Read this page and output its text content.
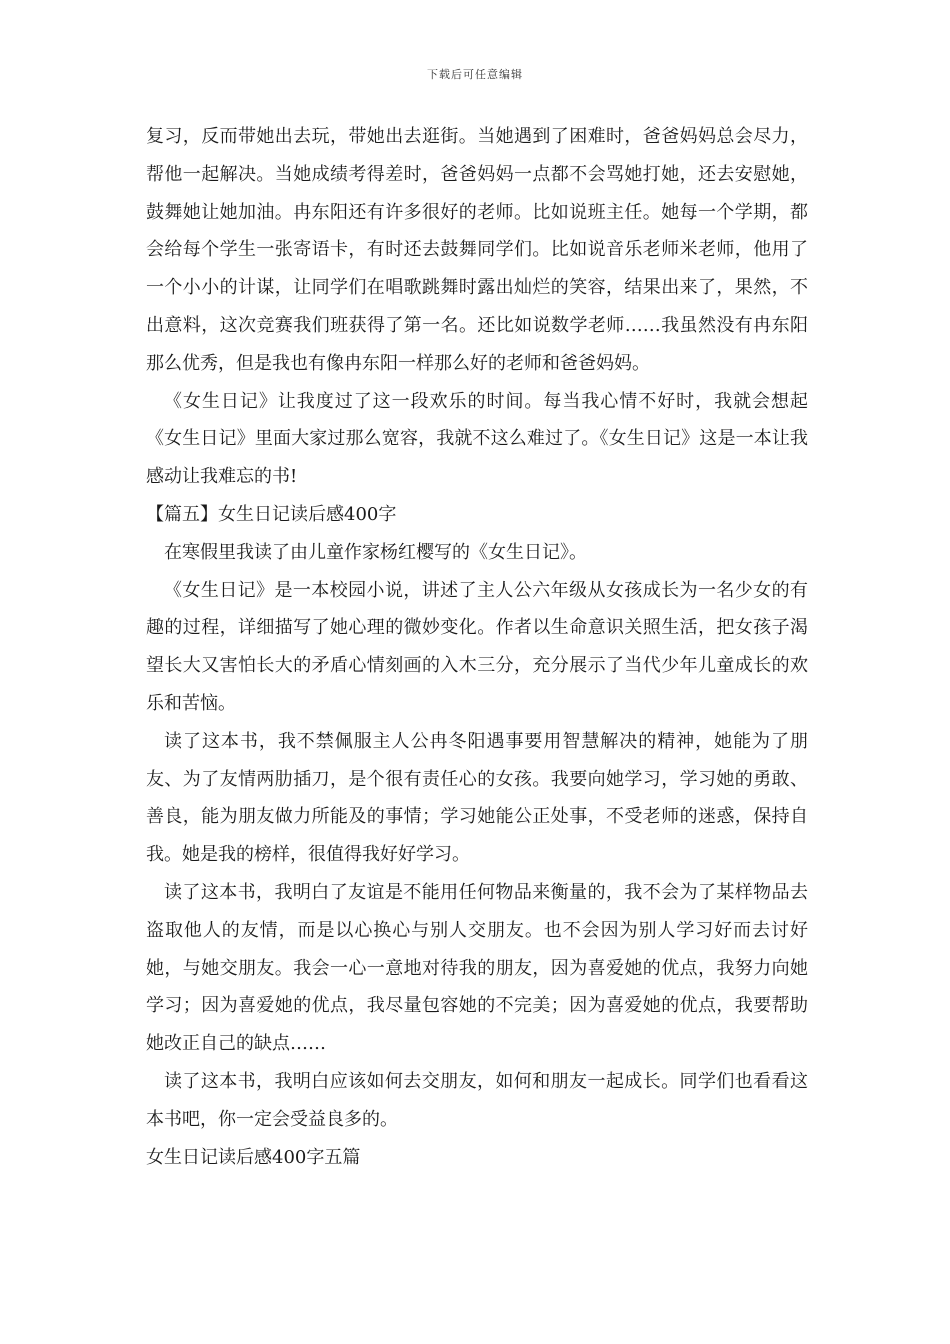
下载后可任意编辑

复习，反而带她出去玩，带她出去逛街。当她遇到了困难时，爸爸妈妈总会尽力，帮他一起解决。当她成绩考得差时，爸爸妈妈一点都不会骂她打她，还去安慰她，鼓舞她让她加油。冉东阳还有许多很好的老师。比如说班主任。她每一个学期，都会给每个学生一张寄语卡，有时还去鼓舞同学们。比如说音乐老师米老师，他用了一个小小的计谋，让同学们在唱歌跳舞时露出灿烂的笑容，结果出来了，果然，不出意料，这次竞赛我们班获得了第一名。还比如说数学老师……我虽然没有冉东阳那么优秀，但是我也有像冉东阳一样那么好的老师和爸爸妈妈。

《女生日记》让我度过了这一段欢乐的时间。每当我心情不好时，我就会想起《女生日记》里面大家过那么宽容，我就不这么难过了。《女生日记》这是一本让我感动让我难忘的书!

【篇五】女生日记读后感400字

在寒假里我读了由儿童作家杨红樱写的《女生日记》。

《女生日记》是一本校园小说，讲述了主人公六年级从女孩成长为一名少女的有趣的过程，详细描写了她心理的微妙变化。作者以生命意识关照生活，把女孩子渴望长大又害怕长大的矛盾心情刻画的入木三分，充分展示了当代少年儿童成长的欢乐和苦恼。

读了这本书，我不禁佩服主人公冉冬阳遇事要用智慧解决的精神，她能为了朋友、为了友情两肋插刀，是个很有责任心的女孩。我要向她学习，学习她的勇敢、善良，能为朋友做力所能及的事情；学习她能公正处事，不受老师的迷惑，保持自我。她是我的榜样，很值得我好好学习。

读了这本书，我明白了友谊是不能用任何物品来衡量的，我不会为了某样物品去盗取他人的友情，而是以心换心与别人交朋友。也不会因为别人学习好而去讨好她，与她交朋友。我会一心一意地对待我的朋友，因为喜爱她的优点，我努力向她学习；因为喜爱她的优点，我尽量包容她的不完美；因为喜爱她的优点，我要帮助她改正自己的缺点……

读了这本书，我明白应该如何去交朋友，如何和朋友一起成长。同学们也看看这本书吧，你一定会受益良多的。

女生日记读后感400字五篇
